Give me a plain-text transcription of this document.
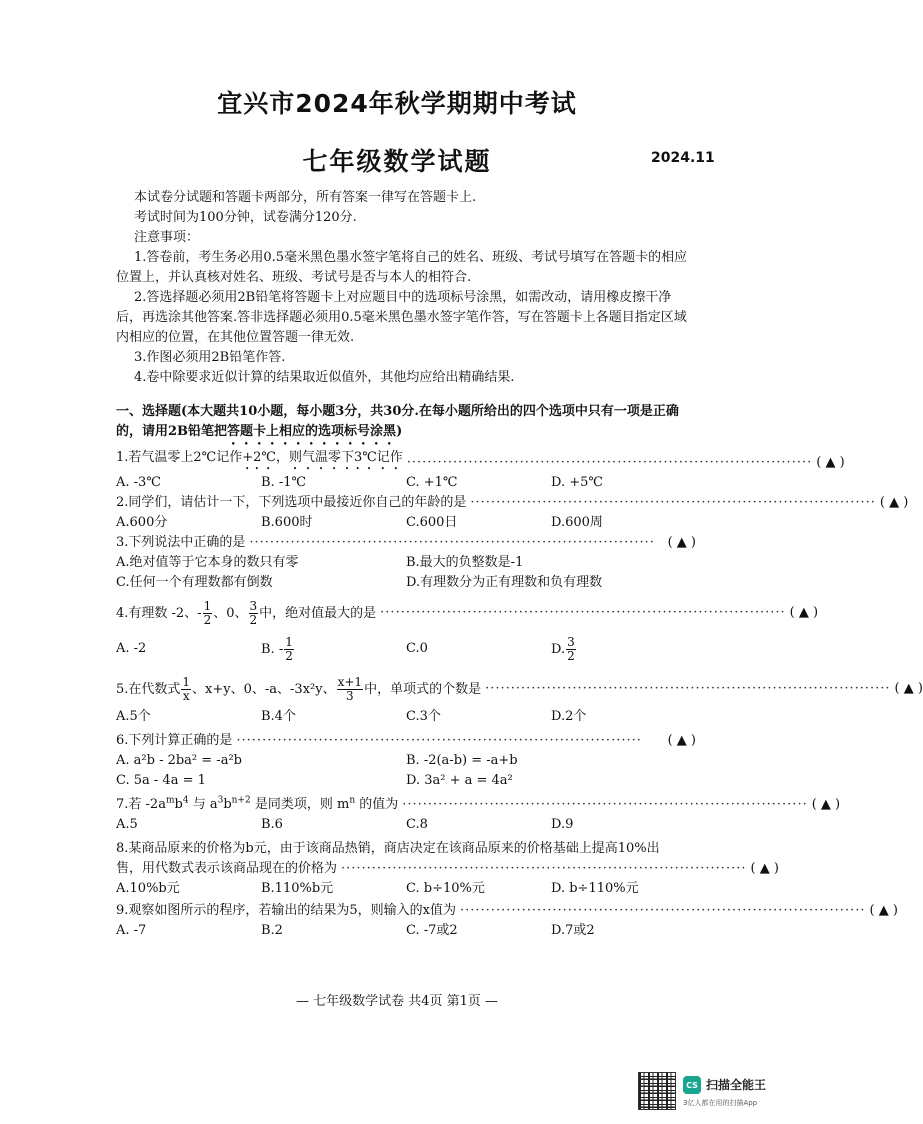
宜兴市2024年秋学期期中考试
七年级数学试题	2024.11

本试卷分试题和答题卡两部分，所有答案一律写在答题卡上.

考试时间为100分钟，试卷满分120分.

注意事项：

1.答卷前，考生务必用0.5毫米黑色墨水签字笔将自己的姓名、班级、考试号填写在答题卡的相应位置上，并认真核对姓名、班级、考试号是否与本人的相符合.

2.答选择题必须用2B铅笔将答题卡上对应题目中的选项标号涂黑，如需改动，请用橡皮擦干净后，再选涂其他答案.答非选择题必须用0.5毫米黑色墨水签字笔作答，写在答题卡上各题目指定区域内相应的位置，在其他位置答题一律无效.

3.作图必须用2B铅笔作答.

4.卷中除要求近似计算的结果取近似值外，其他均应给出精确结果.

一、选择题(本大题共10小题，每小题3分，共30分.在每小题所给出的四个选项中只有一项是正确的，请用2B铅笔把答题卡上相应的选项标号涂黑)

1.若气温零上2℃记作+2℃，则气温零下3℃记作 ··············································································· ( ▲ )
A. -3℃	B. -1℃	C. +1℃	D. +5℃
2.同学们，请估计一下，下列选项中最接近你自己的年龄的是 ··············································································· ( ▲ )
A.600分	B.600时	C.600日	D.600周
3.下列说法中正确的是 ··············································································· ( ▲ )
A.绝对值等于它本身的数只有零	B.最大的负整数是-1
C.任何一个有理数都有倒数	D.有理数分为正有理数和负有理数
4.有理数 -2、- $\frac{1}{2}$ 、0、 $\frac{3}{2}$ 中，绝对值最大的是 ··············································································· ( ▲ )
A. -2	B. - $\frac{1}{2}$	C.0	D. $\frac{3}{2}$
5.在代数式 $\frac{1}{x}$ 、x+y、0、-a、-3x²y、 $\frac{x+1}{3}$ 中，单项式的个数是 ··············································································· ( ▲ )
A.5个	B.4个	C.3个	D.2个
6.下列计算正确的是 ···············································································	( ▲ )
A. a²b - 2ba² = -a²b	B. -2(a-b) = -a+b
C. 5a - 4a = 1	D. 3a² + a = 4a²
7.若 $-2a^mb^4$ 与 $a^3b^{n+2}$ 是同类项，则 $m^n$ 的值为 ··············································································· ( ▲ )
A.5	B.6	C.8	D.9

8.某商品原来的价格为b元，由于该商品热销，商店决定在该商品原来的价格基础上提高10%出

售，用代数式表示该商品现在的价格为 ··············································································· ( ▲ )
A.10%b元	B.110%b元	C. b÷10%元	D. b÷110%元
9.观察如图所示的程序，若输出的结果为5，则输入的x值为 ··············································································· ( ▲ )
A. -7	B.2	C. -7或2	D.7或2
— 七年级数学试卷 共4页 第1页 —
CS 扫描全能王
3亿人都在用的扫描App
